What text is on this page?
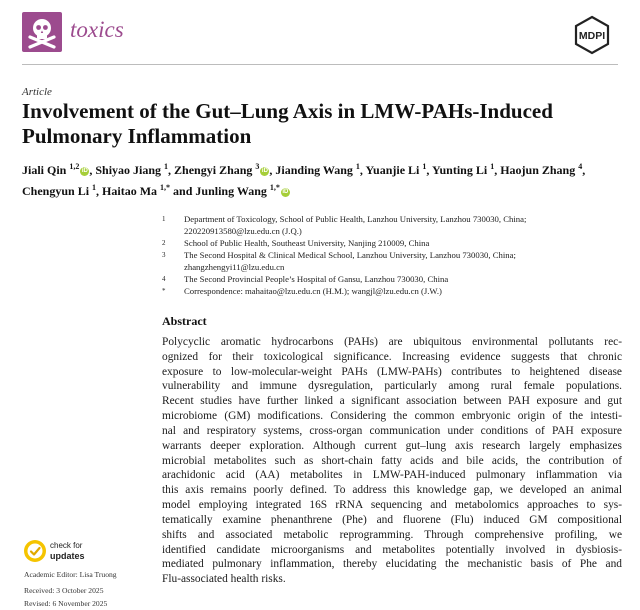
toxics	MDPI
Article
Involvement of the Gut–Lung Axis in LMW-PAHs-Induced Pulmonary Inflammation
Jiali Qin $^{1,2}$ iD , Shiyao Jiang $^1$, Zhengyi Zhang $^3$ iD , Jianding Wang $^1$, Yuanjie Li $^1$, Yunting Li $^1$, Haojun Zhang $^4$, Chengyun Li $^1$, Haitao Ma $^{1,*}$ and Junling Wang $^{1,*}$ iD
1 Department of Toxicology, School of Public Health, Lanzhou University, Lanzhou 730030, China;
220220913580@lzu.edu.cn (J.Q.)
2 School of Public Health, Southeast University, Nanjing 210009, China
3 The Second Hospital & Clinical Medical School, Lanzhou University, Lanzhou 730030, China;
zhangzhengyi11@lzu.edu.cn
4 The Second Provincial People’s Hospital of Gansu, Lanzhou 730030, China
* Correspondence: mahaitao@lzu.edu.cn (H.M.); wangjl@lzu.edu.cn (J.W.)
Abstract
Polycyclic aromatic hydrocarbons (PAHs) are ubiquitous environmental pollutants rec-
ognized for their toxicological significance. Increasing evidence suggests that chronic
exposure to low-molecular-weight PAHs (LMW-PAHs) contributes to heightened disease
vulnerability and immune dysregulation, particularly among rural female populations.
Recent studies have further linked a significant association between PAH exposure and gut
microbiome (GM) modifications. Considering the common embryonic origin of the intesti-
nal and respiratory systems, cross-organ communication under conditions of PAH exposure
warrants deeper exploration. Although current gut–lung axis research largely emphasizes
microbial metabolites such as short-chain fatty acids and bile acids, the contribution of
arachidonic acid (AA) metabolites in LMW-PAH-induced pulmonary inflammation via
this axis remains poorly defined. To address this knowledge gap, we developed an animal
model employing integrated 16S rRNA sequencing and metabolomics approaches to sys-
tematically examine phenanthrene (Phe) and fluorene (Flu) induced GM compositional
shifts and associated metabolic reprogramming. Through comprehensive profiling, we
identified candidate microorganisms and metabolites potentially involved in dysbiosis-
mediated pulmonary inflammation, thereby elucidating the mechanistic basis of Phe and
Flu-associated health risks.
check for
updates
Academic Editor: Lisa Truong
Received: 3 October 2025
Revised: 6 November 2025
